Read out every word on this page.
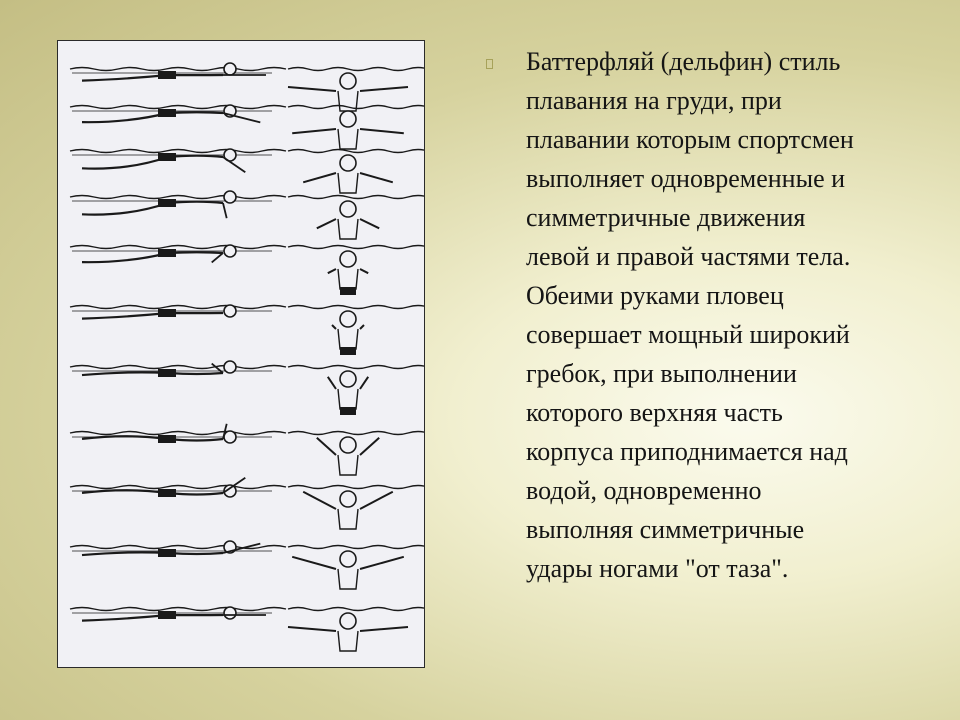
Баттерфляй (дельфин) стиль
плавания на груди, при
плавании которым спортсмен
выполняет одновременные и
симметричные движения
левой и правой частями тела.
Обеими руками пловец
совершает мощный широкий
гребок, при выполнении
которого верхняя часть
корпуса приподнимается над
водой, одновременно
выполняя симметричные
удары ногами "от таза".
